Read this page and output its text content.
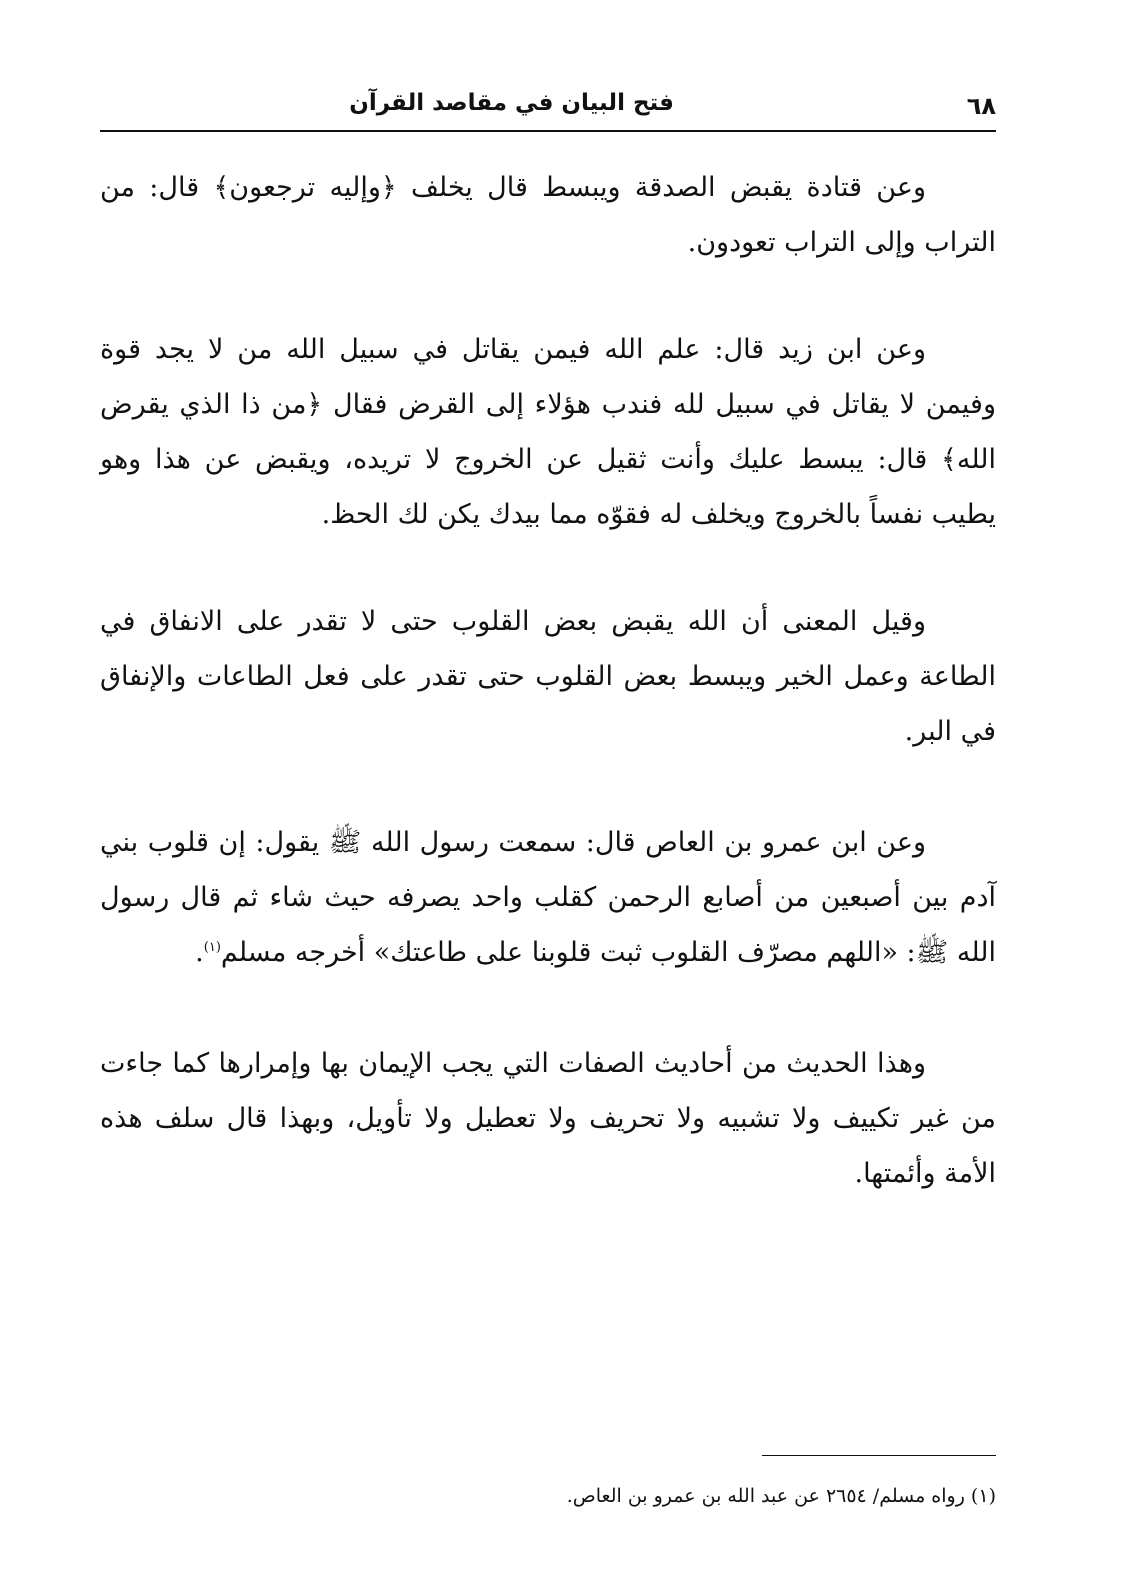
٦٨
فتح البيان في مقاصد القرآن

وعن قتادة يقبض الصدقة ويبسط قال يخلف ﴿وإليه ترجعون﴾ قال: من التراب وإلى التراب تعودون.

وعن ابن زيد قال: علم الله فيمن يقاتل في سبيل الله من لا يجد قوة وفيمن لا يقاتل في سبيل لله فندب هؤلاء إلى القرض فقال ﴿من ذا الذي يقرض الله﴾ قال: يبسط عليك وأنت ثقيل عن الخروج لا تريده، ويقبض عن هذا وهو يطيب نفساً بالخروج ويخلف له فقوّه مما بيدك يكن لك الحظ.

وقيل المعنى أن الله يقبض بعض القلوب حتى لا تقدر على الانفاق في الطاعة وعمل الخير ويبسط بعض القلوب حتى تقدر على فعل الطاعات والإنفاق في البر.

وعن ابن عمرو بن العاص قال: سمعت رسول الله ﷺ يقول: إن قلوب بني آدم بين أصبعين من أصابع الرحمن كقلب واحد يصرفه حيث شاء ثم قال رسول الله ﷺ: «اللهم مصرّف القلوب ثبت قلوبنا على طاعتك» أخرجه مسلم$^{(١)}$.

وهذا الحديث من أحاديث الصفات التي يجب الإيمان بها وإمرارها كما جاءت من غير تكييف ولا تشبيه ولا تحريف ولا تعطيل ولا تأويل، وبهذا قال سلف هذه الأمة وأئمتها.

(١) رواه مسلم/ ٢٦٥٤ عن عبد الله بن عمرو بن العاص.
